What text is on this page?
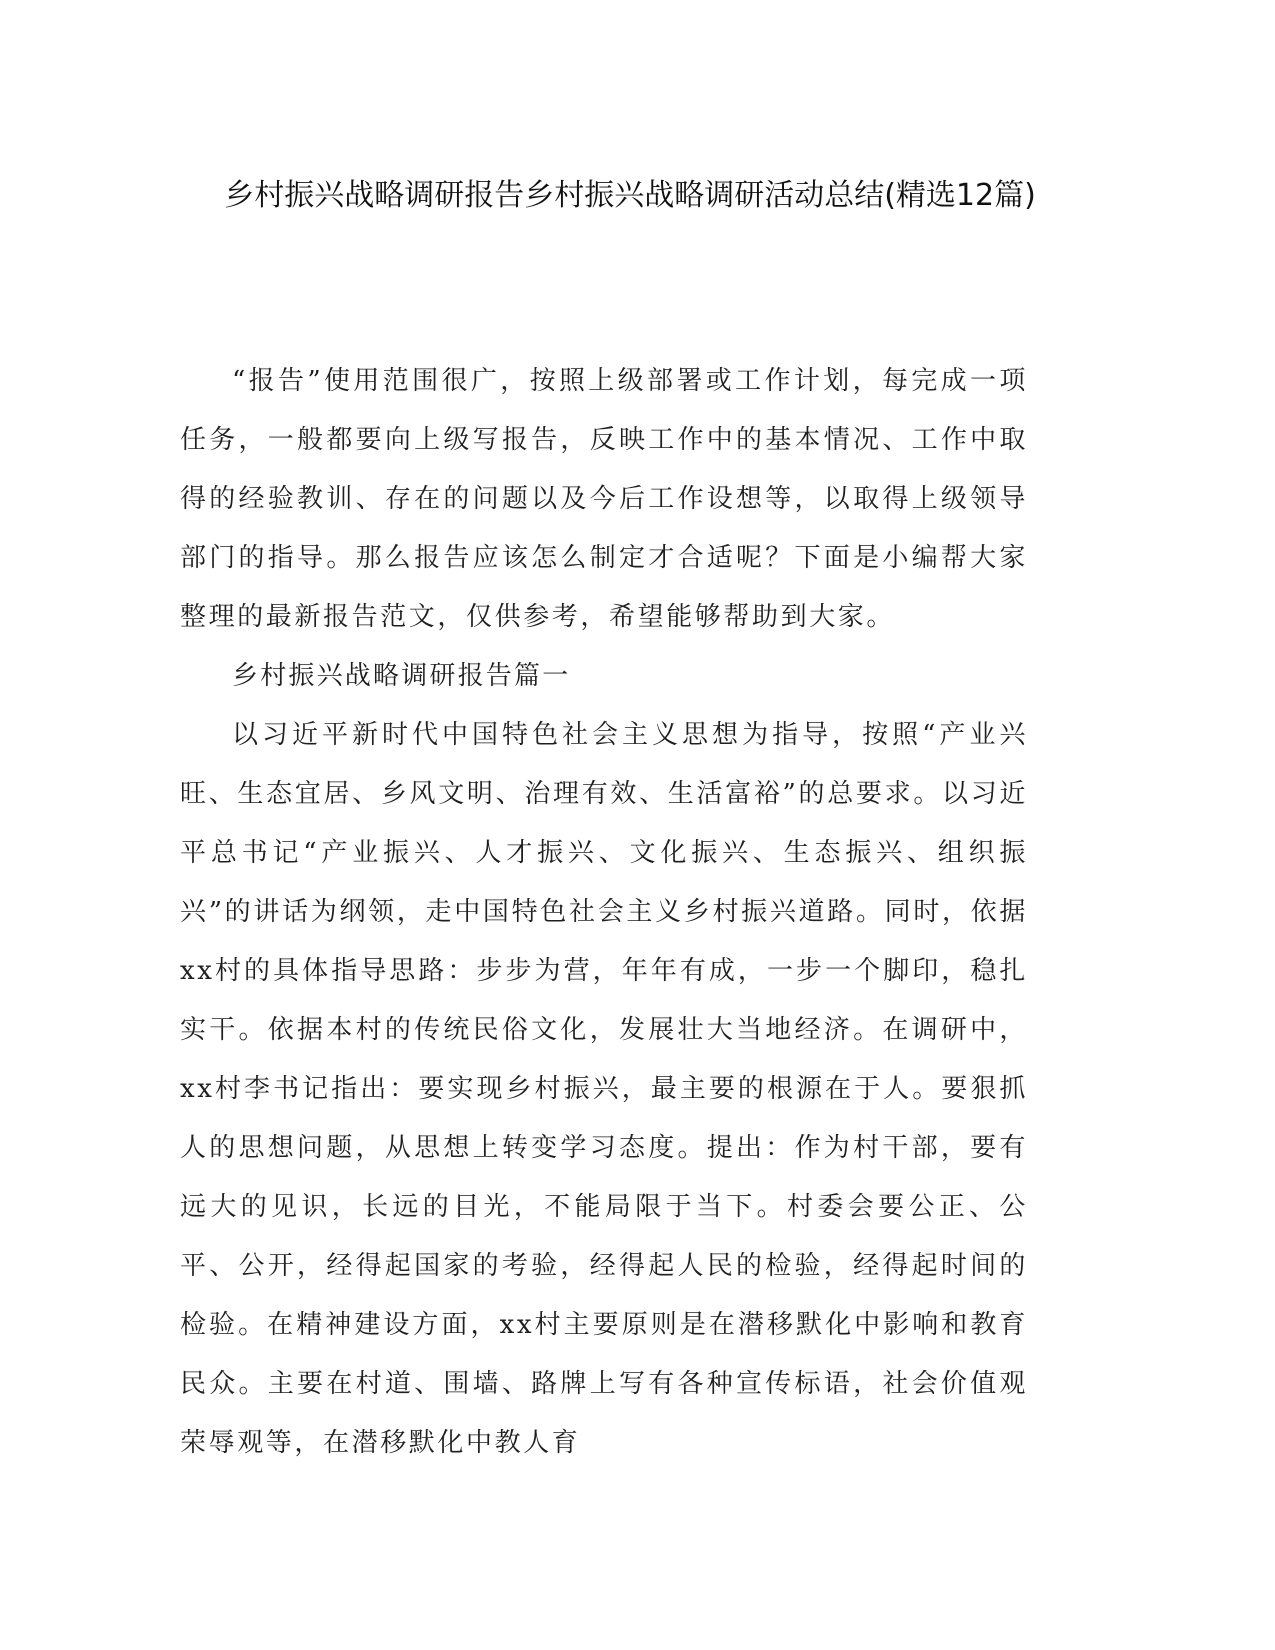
乡村振兴战略调研报告乡村振兴战略调研活动总结(精选12篇)

“报告”使用范围很广，按照上级部署或工作计划，每完成一项任务，一般都要向上级写报告，反映工作中的基本情况、工作中取得的经验教训、存在的问题以及今后工作设想等，以取得上级领导部门的指导。那么报告应该怎么制定才合适呢？下面是小编帮大家整理的最新报告范文，仅供参考，希望能够帮助到大家。

乡村振兴战略调研报告篇一

以习近平新时代中国特色社会主义思想为指导，按照“产业兴旺、生态宜居、乡风文明、治理有效、生活富裕”的总要求。以习近平总书记“产业振兴、人才振兴、文化振兴、生态振兴、组织振兴”的讲话为纲领，走中国特色社会主义乡村振兴道路。同时，依据xx村的具体指导思路：步步为营，年年有成，一步一个脚印，稳扎实干。依据本村的传统民俗文化，发展壮大当地经济。在调研中，xx村李书记指出：要实现乡村振兴，最主要的根源在于人。要狠抓人的思想问题，从思想上转变学习态度。提出：作为村干部，要有远大的见识，长远的目光，不能局限于当下。村委会要公正、公平、公开，经得起国家的考验，经得起人民的检验，经得起时间的检验。在精神建设方面，xx村主要原则是在潜移默化中影响和教育民众。主要在村道、围墙、路牌上写有各种宣传标语，社会价值观荣辱观等，在潜移默化中教人育
